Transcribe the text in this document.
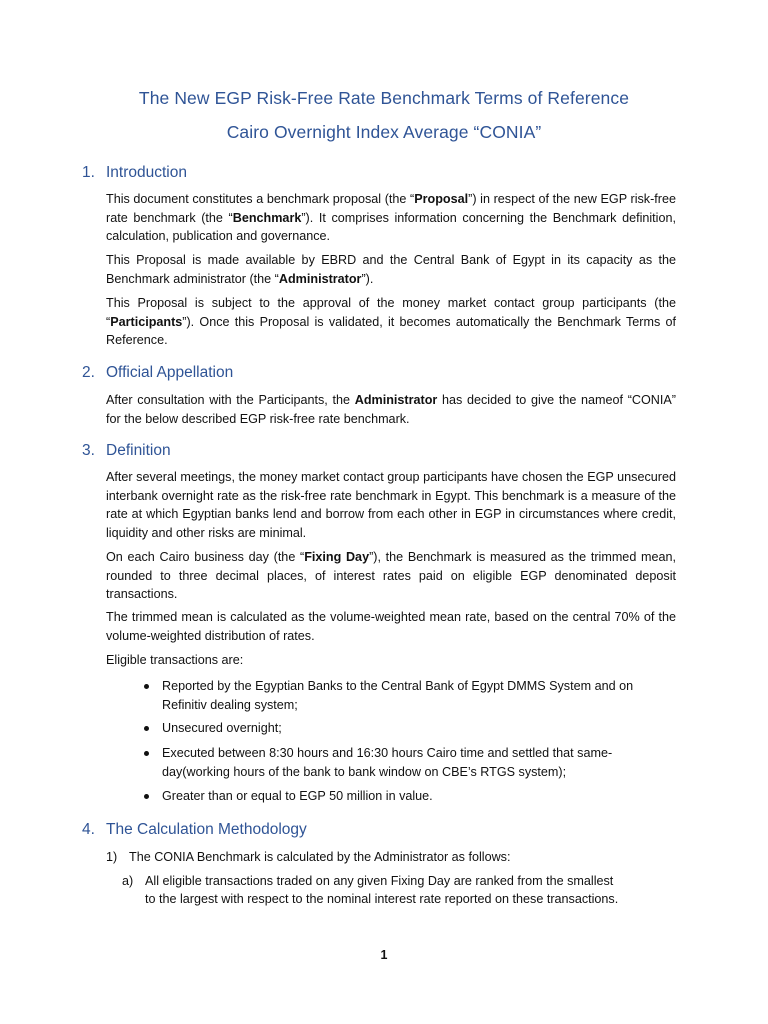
The New EGP Risk-Free Rate Benchmark Terms of Reference
Cairo Overnight Index Average “CONIA”
1. Introduction

This document constitutes a benchmark proposal (the “Proposal”) in respect of the new EGP risk-free rate benchmark (the “Benchmark”). It comprises information concerning the Benchmark definition, calculation, publication and governance.

This Proposal is made available by EBRD and the Central Bank of Egypt in its capacity as the Benchmark administrator (the “Administrator”).

This Proposal is subject to the approval of the money market contact group participants (the “Participants”). Once this Proposal is validated, it becomes automatically the Benchmark Terms of Reference.

2. Official Appellation

After consultation with the Participants, the Administrator has decided to give the nameof “CONIA” for the below described EGP risk-free rate benchmark.

3. Definition

After several meetings, the money market contact group participants have chosen the EGP unsecured interbank overnight rate as the risk-free rate benchmark in Egypt. This benchmark is a measure of the rate at which Egyptian banks lend and borrow from each other in EGP in circumstances where credit, liquidity and other risks are minimal.

On each Cairo business day (the “Fixing Day”), the Benchmark is measured as the trimmed mean, rounded to three decimal places, of interest rates paid on eligible EGP denominated deposit transactions.

The trimmed mean is calculated as the volume-weighted mean rate, based on the central 70% of the volume-weighted distribution of rates.

Eligible transactions are:

Reported by the Egyptian Banks to the Central Bank of Egypt DMMS System and on Refinitiv dealing system;
Unsecured overnight;
Executed between 8:30 hours and 16:30 hours Cairo time and settled that same-day(working hours of the bank to bank window on CBE’s RTGS system);
Greater than or equal to EGP 50 million in value.
4. The Calculation Methodology
1) The CONIA Benchmark is calculated by the Administrator as follows:
a) All eligible transactions traded on any given Fixing Day are ranked from the smallest
to the largest with respect to the nominal interest rate reported on these transactions.
1
